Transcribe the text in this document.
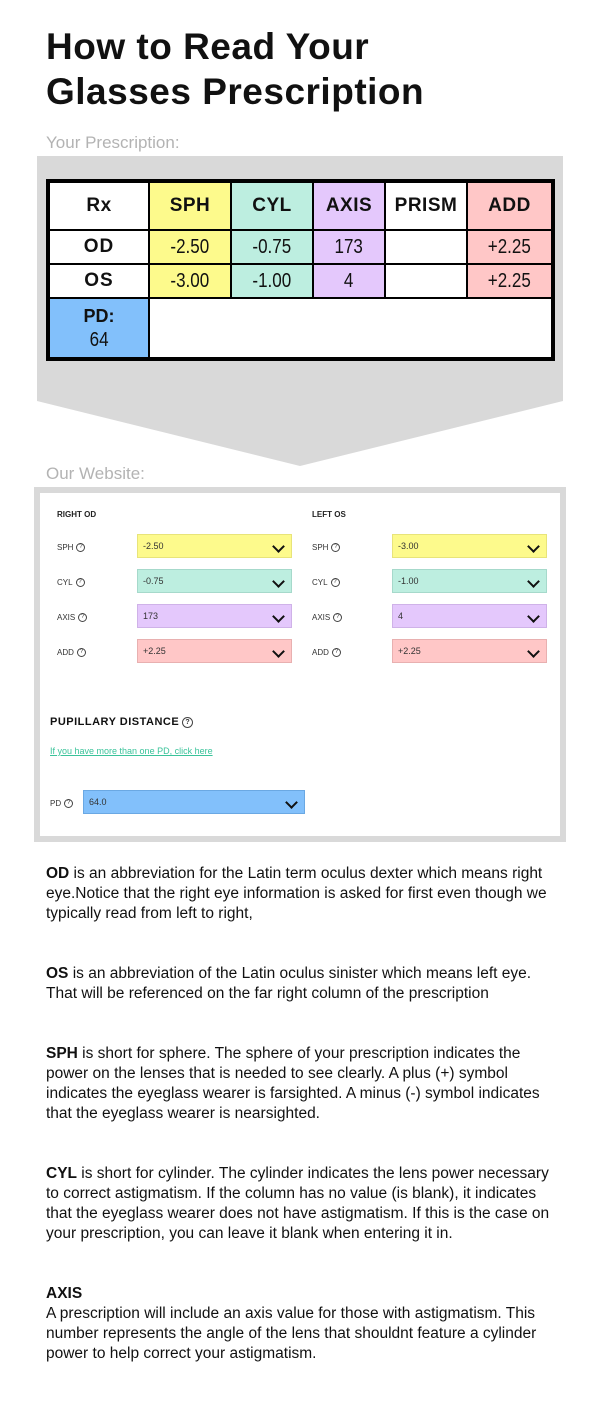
How to Read Your
Glasses Prescription
Your Prescription:
Rx	SPH	CYL	AXIS	PRISM	ADD
OD	-2.50	-0.75	173		+2.25
OS	-3.00	-1.00	4		+2.25
PD:
64					
Our Website:
RIGHT OD	LEFT OS
SPH ?	-2.50
CYL ?	-0.75
AXIS ?	173
ADD ?	+2.25
SPH ?	-3.00
CYL ?	-1.00
AXIS ?	4
ADD ?	+2.25
PUPILLARY DISTANCE ?
If you have more than one PD, click here
PD ?	64.0

OD is an abbreviation for the Latin term oculus dexter which means right eye.Notice that the right eye information is asked for first even though we typically read from left to right,

OS is an abbreviation of the Latin oculus sinister which means left eye. That will be referenced on the far right column of the prescription

SPH is short for sphere. The sphere of your prescription indicates the power on the lenses that is needed to see clearly. A plus (+) symbol indicates the eyeglass wearer is farsighted. A minus (-) symbol indicates that the eyeglass wearer is nearsighted.

CYL is short for cylinder. The cylinder indicates the lens power necessary to correct astigmatism. If the column has no value (is blank), it indicates that the eyeglass wearer does not have astigmatism. If this is the case on your prescription, you can leave it blank when entering it in.

AXIS
A prescription will include an axis value for those with astigmatism. This number represents the angle of the lens that shouldnt feature a cylinder power to help correct your astigmatism.
